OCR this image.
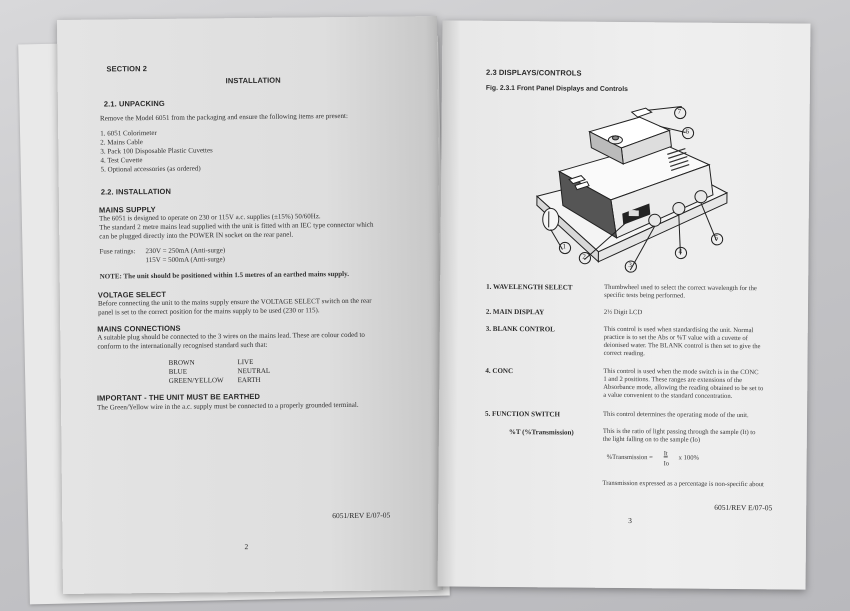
SECTION 2
INSTALLATION
2.1. UNPACKING
Remove the Model 6051 from the packaging and ensure the following items are present:
1. 6051 Colorimeter
2. Mains Cable
3. Pack 100 Disposable Plastic Cuvettes
4. Test Cuvette
5. Optional accessories (as ordered)
2.2. INSTALLATION
MAINS SUPPLY
The 6051 is designed to operate on 230 or 115V a.c. supplies (±15%) 50/60Hz.
The standard 2 metre mains lead supplied with the unit is fitted with an IEC type connector which
can be plugged directly into the POWER IN socket on the rear panel.
Fuse ratings: 230V = 250mA (Anti-surge)
115V = 500mA (Anti-surge)
NOTE: The unit should be positioned within 1.5 metres of an earthed mains supply.
VOLTAGE SELECT
Before connecting the unit to the mains supply ensure the VOLTAGE SELECT switch on the rear
panel is set to the correct position for the mains supply to be used (230 or 115).
MAINS CONNECTIONS
A suitable plug should be connected to the 3 wires on the mains lead. These are colour coded to
conform to the internationally recognised standard such that:
BROWN	LIVE
BLUE	NEUTRAL
GREEN/YELLOW	EARTH
IMPORTANT - THE UNIT MUST BE EARTHED
The Green/Yellow wire in the a.c. supply must be connected to a properly grounded terminal.
6051/REV E/07-05
2
2.3 DISPLAYS/CONTROLS
Fig. 2.3.1 Front Panel Displays and Controls
1
2
3
4
5
6
7
1. WAVELENGTH SELECT	Thumbwheel used to select the correct wavelength for the
specific tests being performed.
2. MAIN DISPLAY	2½ Digit LCD
3. BLANK CONTROL	This control is used when standardising the unit. Normal
practice is to set the Abs or %T value with a cuvette of
deionised water. The BLANK control is then set to give the
correct reading.
4. CONC	This control is used when the mode switch is in the CONC
1 and 2 positions. These ranges are extensions of the
Absorbance mode, allowing the reading obtained to be set to
a value convenient to the standard concentration.
5. FUNCTION SWITCH	This control determines the operating mode of the unit.
%T (%Transmission)	This is the ratio of light passing through the sample (It) to
the light falling on to the sample (Io)
%Transmission = It
Io
x 100%
Transmission expressed as a percentage is non-specific about
6051/REV E/07-05
3
